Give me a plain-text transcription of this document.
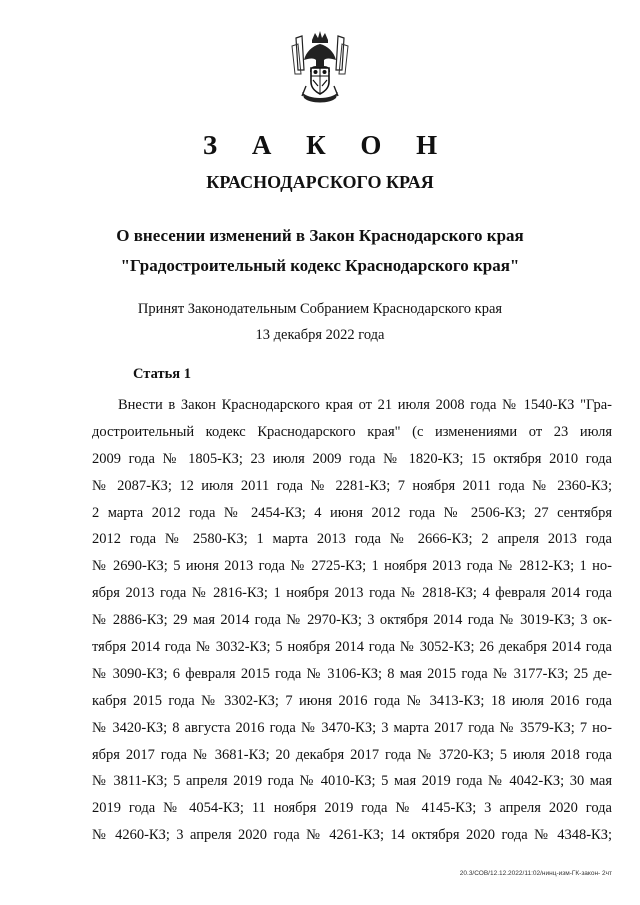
З А К О Н
КРАСНОДАРСКОГО КРАЯ
О внесении изменений в Закон Краснодарского края
"Градостроительный кодекс Краснодарского края"
Принят Законодательным Собранием Краснодарского края
13 декабря 2022 года
Статья 1
Внести в Закон Краснодарского края от 21 июля 2008 года № 1540-КЗ "Гра-
достроительный кодекс Краснодарского края" (с изменениями от 23 июля
2009 года № 1805-КЗ; 23 июля 2009 года № 1820-КЗ; 15 октября 2010 года
№ 2087-КЗ; 12 июля 2011 года № 2281-КЗ; 7 ноября 2011 года № 2360-КЗ;
2 марта 2012 года № 2454-КЗ; 4 июня 2012 года № 2506-КЗ; 27 сентября
2012 года № 2580-КЗ; 1 марта 2013 года № 2666-КЗ; 2 апреля 2013 года
№ 2690-КЗ; 5 июня 2013 года № 2725-КЗ; 1 ноября 2013 года № 2812-КЗ; 1 но-
ября 2013 года № 2816-КЗ; 1 ноября 2013 года № 2818-КЗ; 4 февраля 2014 года
№ 2886-КЗ; 29 мая 2014 года № 2970-КЗ; 3 октября 2014 года № 3019-КЗ; 3 ок-
тября 2014 года № 3032-КЗ; 5 ноября 2014 года № 3052-КЗ; 26 декабря 2014 года
№ 3090-КЗ; 6 февраля 2015 года № 3106-КЗ; 8 мая 2015 года № 3177-КЗ; 25 де-
кабря 2015 года № 3302-КЗ; 7 июня 2016 года № 3413-КЗ; 18 июля 2016 года
№ 3420-КЗ; 8 августа 2016 года № 3470-КЗ; 3 марта 2017 года № 3579-КЗ; 7 но-
ября 2017 года № 3681-КЗ; 20 декабря 2017 года № 3720-КЗ; 5 июля 2018 года
№ 3811-КЗ; 5 апреля 2019 года № 4010-КЗ; 5 мая 2019 года № 4042-КЗ; 30 мая
2019 года № 4054-КЗ; 11 ноября 2019 года № 4145-КЗ; 3 апреля 2020 года
№ 4260-КЗ; 3 апреля 2020 года № 4261-КЗ; 14 октября 2020 года № 4348-КЗ;
20.3/СОВ/12.12.2022/11:02/нинц-изм-ГК-закон- 2чт
